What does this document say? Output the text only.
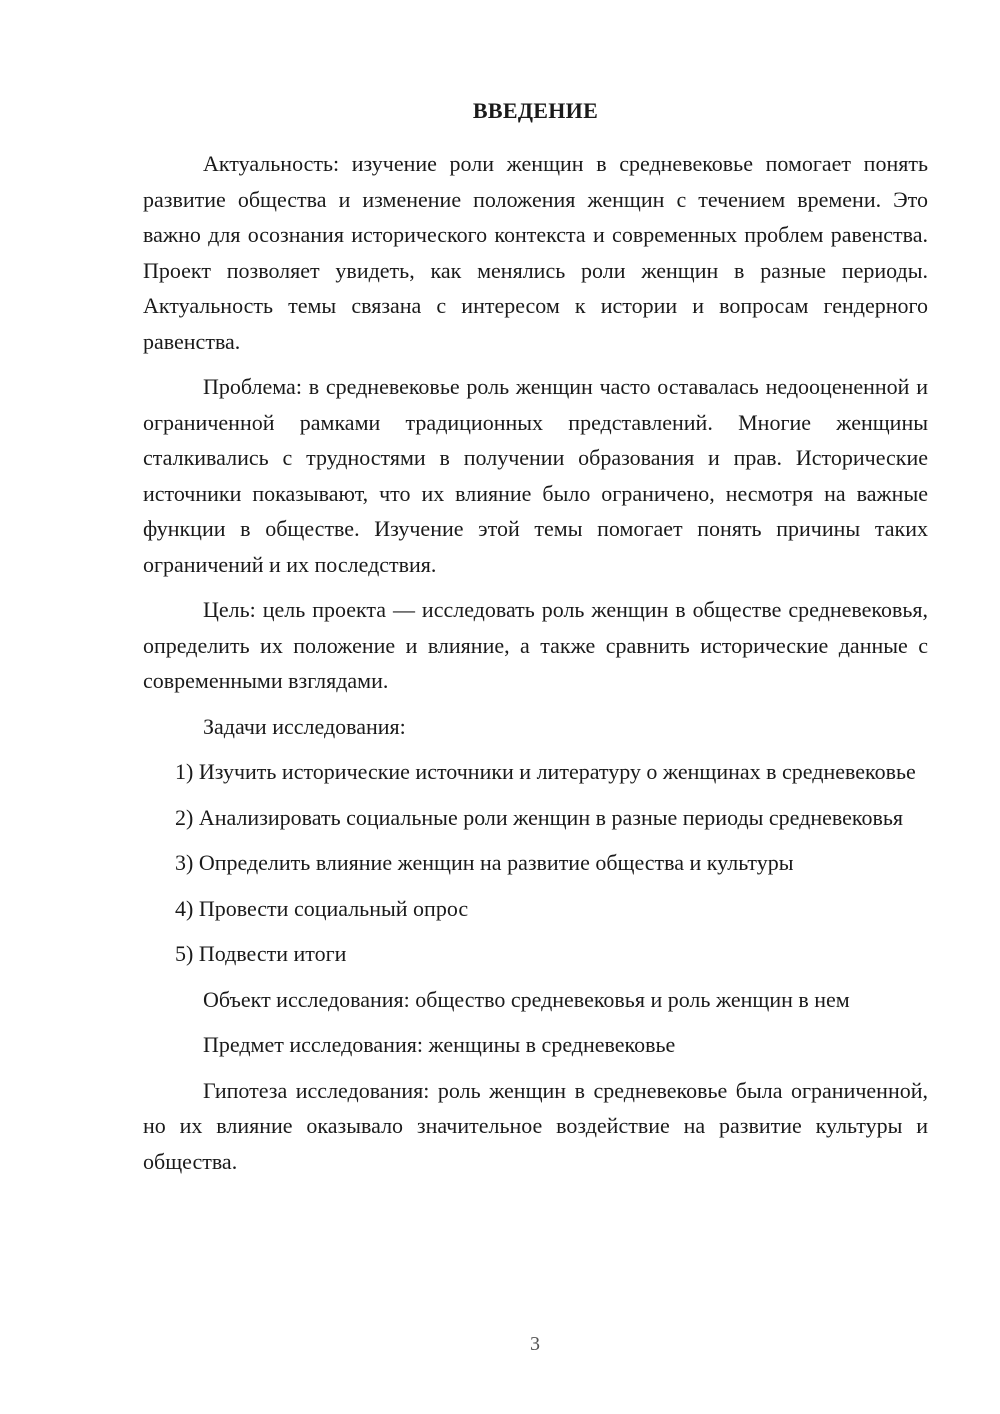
ВВЕДЕНИЕ

Актуальность: изучение роли женщин в средневековье помогает понять развитие общества и изменение положения женщин с течением времени. Это важно для осознания исторического контекста и современных проблем равенства. Проект позволяет увидеть, как менялись роли женщин в разные периоды. Актуальность темы связана с интересом к истории и вопросам гендерного равенства.

Проблема: в средневековье роль женщин часто оставалась недооцененной и ограниченной рамками традиционных представлений. Многие женщины сталкивались с трудностями в получении образования и прав. Исторические источники показывают, что их влияние было ограничено, несмотря на важные функции в обществе. Изучение этой темы помогает понять причины таких ограничений и их последствия.

Цель: цель проекта — исследовать роль женщин в обществе средневековья, определить их положение и влияние, а также сравнить исторические данные с современными взглядами.

Задачи исследования:

1) Изучить исторические источники и литературу о женщинах в средневековье

2) Анализировать социальные роли женщин в разные периоды средневековья

3) Определить влияние женщин на развитие общества и культуры

4) Провести социальный опрос

5) Подвести итоги

Объект исследования: общество средневековья и роль женщин в нем

Предмет исследования: женщины в средневековье

Гипотеза исследования: роль женщин в средневековье была ограниченной, но их влияние оказывало значительное воздействие на развитие культуры и общества.

3
